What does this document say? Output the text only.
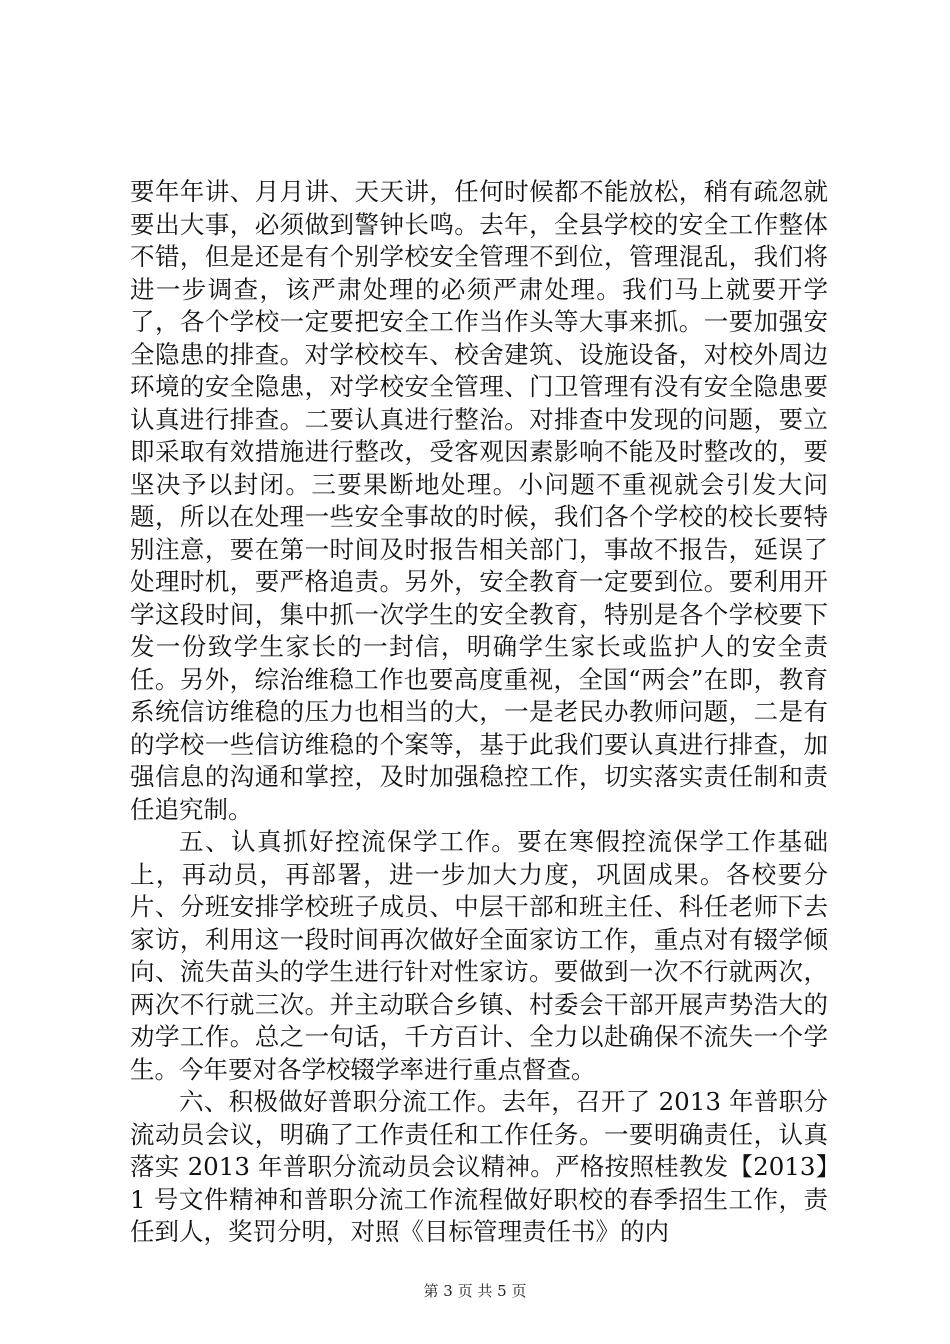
要年年讲、月月讲、天天讲，任何时候都不能放松，稍有疏忽就要出大事，必须做到警钟长鸣。去年，全县学校的安全工作整体不错，但是还是有个别学校安全管理不到位，管理混乱，我们将进一步调查，该严肃处理的必须严肃处理。我们马上就要开学了，各个学校一定要把安全工作当作头等大事来抓。一要加强安全隐患的排查。对学校校车、校舍建筑、设施设备，对校外周边环境的安全隐患，对学校安全管理、门卫管理有没有安全隐患要认真进行排查。二要认真进行整治。对排查中发现的问题，要立即采取有效措施进行整改，受客观因素影响不能及时整改的，要坚决予以封闭。三要果断地处理。小问题不重视就会引发大问题，所以在处理一些安全事故的时候，我们各个学校的校长要特别注意，要在第一时间及时报告相关部门，事故不报告，延误了处理时机，要严格追责。另外，安全教育一定要到位。要利用开学这段时间，集中抓一次学生的安全教育，特别是各个学校要下发一份致学生家长的一封信，明确学生家长或监护人的安全责任。另外，综治维稳工作也要高度重视，全国“两会”在即，教育系统信访维稳的压力也相当的大，一是老民办教师问题，二是有的学校一些信访维稳的个案等，基于此我们要认真进行排查，加强信息的沟通和掌控，及时加强稳控工作，切实落实责任制和责任追究制。

五、认真抓好控流保学工作。要在寒假控流保学工作基础上，再动员，再部署，进一步加大力度，巩固成果。各校要分片、分班安排学校班子成员、中层干部和班主任、科任老师下去家访，利用这一段时间再次做好全面家访工作，重点对有辍学倾向、流失苗头的学生进行针对性家访。要做到一次不行就两次，两次不行就三次。并主动联合乡镇、村委会干部开展声势浩大的劝学工作。总之一句话，千方百计、全力以赴确保不流失一个学生。今年要对各学校辍学率进行重点督查。

六、积极做好普职分流工作。去年，召开了 2013 年普职分流动员会议，明确了工作责任和工作任务。一要明确责任，认真落实 2013 年普职分流动员会议精神。严格按照桂教发【2013】1 号文件精神和普职分流工作流程做好职校的春季招生工作，责任到人，奖罚分明，对照《目标管理责任书》的内

第 3 页 共 5 页
